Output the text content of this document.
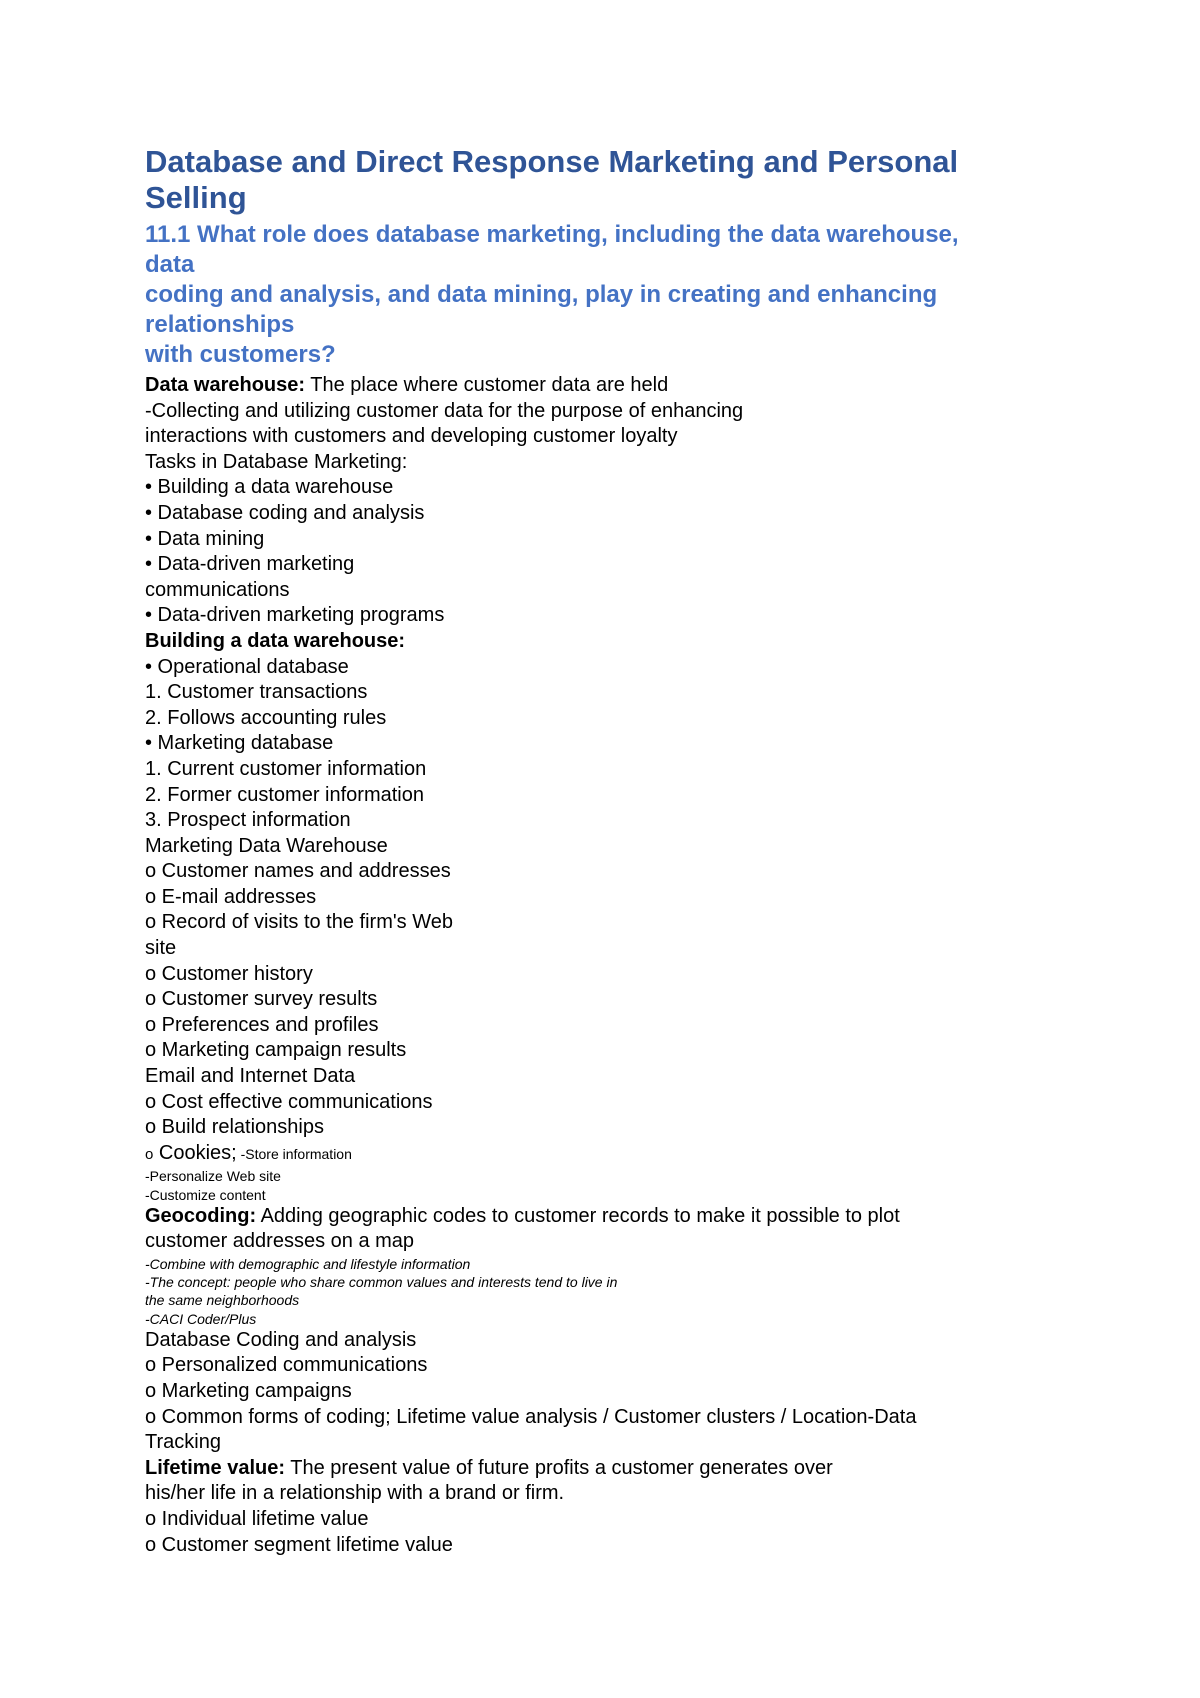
Database and Direct Response Marketing and Personal
Selling
11.1 What role does database marketing, including the data warehouse,
data
coding and analysis, and data mining, play in creating and enhancing
relationships
with customers?
Data warehouse: The place where customer data are held
-Collecting and utilizing customer data for the purpose of enhancing
interactions with customers and developing customer loyalty
Tasks in Database Marketing:
• Building a data warehouse
• Database coding and analysis
• Data mining
• Data-driven marketing
communications
• Data-driven marketing programs
Building a data warehouse:
• Operational database
1. Customer transactions
2. Follows accounting rules
• Marketing database
1. Current customer information
2. Former customer information
3. Prospect information
Marketing Data Warehouse
o Customer names and addresses
o E-mail addresses
o Record of visits to the firm's Web
site
o Customer history
o Customer survey results
o Preferences and profiles
o Marketing campaign results
Email and Internet Data
o Cost effective communications
o Build relationships
o Cookies; -Store information
-Personalize Web site
-Customize content
Geocoding: Adding geographic codes to customer records to make it possible to plot
customer addresses on a map
-Combine with demographic and lifestyle information
-The concept: people who share common values and interests tend to live in
the same neighborhoods
-CACI Coder/Plus
Database Coding and analysis
o Personalized communications
o Marketing campaigns
o Common forms of coding; Lifetime value analysis / Customer clusters / Location-Data
Tracking
Lifetime value: The present value of future profits a customer generates over
his/her life in a relationship with a brand or firm.
o Individual lifetime value
o Customer segment lifetime value
